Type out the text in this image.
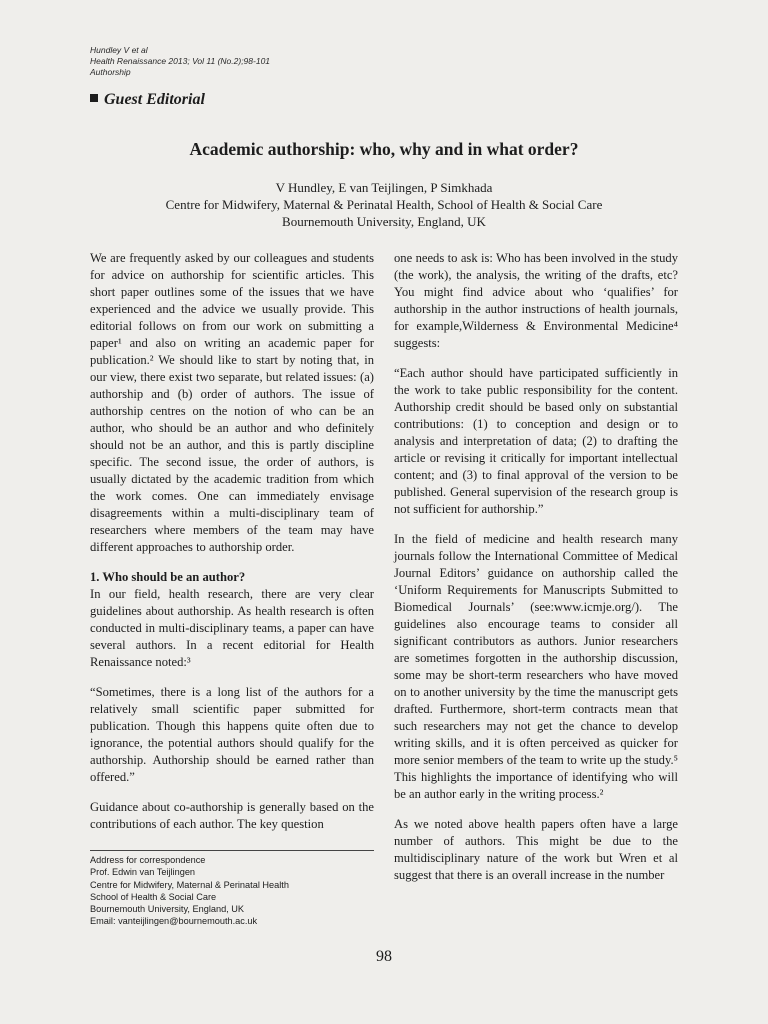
Hundley V et al
Health Renaissance 2013; Vol 11 (No.2);98-101
Authorship
Guest Editorial
Academic authorship: who, why and in what order?
V Hundley, E van Teijlingen, P Simkhada
Centre for Midwifery, Maternal & Perinatal Health, School of Health & Social Care
Bournemouth University, England, UK

We are frequently asked by our colleagues and students for advice on authorship for scientific articles. This short paper outlines some of the issues that we have experienced and the advice we usually provide. This editorial follows on from our work on submitting a paper¹ and also on writing an academic paper for publication.² We should like to start by noting that, in our view, there exist two separate, but related issues: (a) authorship and (b) order of authors. The issue of authorship centres on the notion of who can be an author, who should be an author and who definitely should not be an author, and this is partly discipline specific. The second issue, the order of authors, is usually dictated by the academic tradition from which the work comes. One can immediately envisage disagreements within a multi-disciplinary team of researchers where members of the team may have different approaches to authorship order.

1. Who should be an author?

In our field, health research, there are very clear guidelines about authorship. As health research is often conducted in multi-disciplinary teams, a paper can have several authors. In a recent editorial for Health Renaissance noted:³

“Sometimes, there is a long list of the authors for a relatively small scientific paper submitted for publication. Though this happens quite often due to ignorance, the potential authors should qualify for the authorship. Authorship should be earned rather than offered.”

Guidance about co-authorship is generally based on the contributions of each author. The key question

one needs to ask is: Who has been involved in the study (the work), the analysis, the writing of the drafts, etc? You might find advice about who ‘qualifies’ for authorship in the author instructions of health journals, for example,Wilderness & Environmental Medicine⁴ suggests:

“Each author should have participated sufficiently in the work to take public responsibility for the content. Authorship credit should be based only on substantial contributions: (1) to conception and design or to analysis and interpretation of data; (2) to drafting the article or revising it critically for important intellectual content; and (3) to final approval of the version to be published. General supervision of the research group is not sufficient for authorship.”

In the field of medicine and health research many journals follow the International Committee of Medical Journal Editors’ guidance on authorship called the ‘Uniform Requirements for Manuscripts Submitted to Biomedical Journals’ (see:www.icmje.org/). The guidelines also encourage teams to consider all significant contributors as authors. Junior researchers are sometimes forgotten in the authorship discussion, some may be short-term researchers who have moved on to another university by the time the manuscript gets drafted. Furthermore, short-term contracts mean that such researchers may not get the chance to develop writing skills, and it is often perceived as quicker for more senior members of the team to write up the study.⁵ This highlights the importance of identifying who will be an author early in the writing process.²

As we noted above health papers often have a large number of authors. This might be due to the multidisciplinary nature of the work but Wren et al suggest that there is an overall increase in the number

Address for correspondence
Prof. Edwin van Teijlingen
Centre for Midwifery, Maternal & Perinatal Health
School of Health & Social Care
Bournemouth University, England, UK
Email: vanteijlingen@bournemouth.ac.uk
98
